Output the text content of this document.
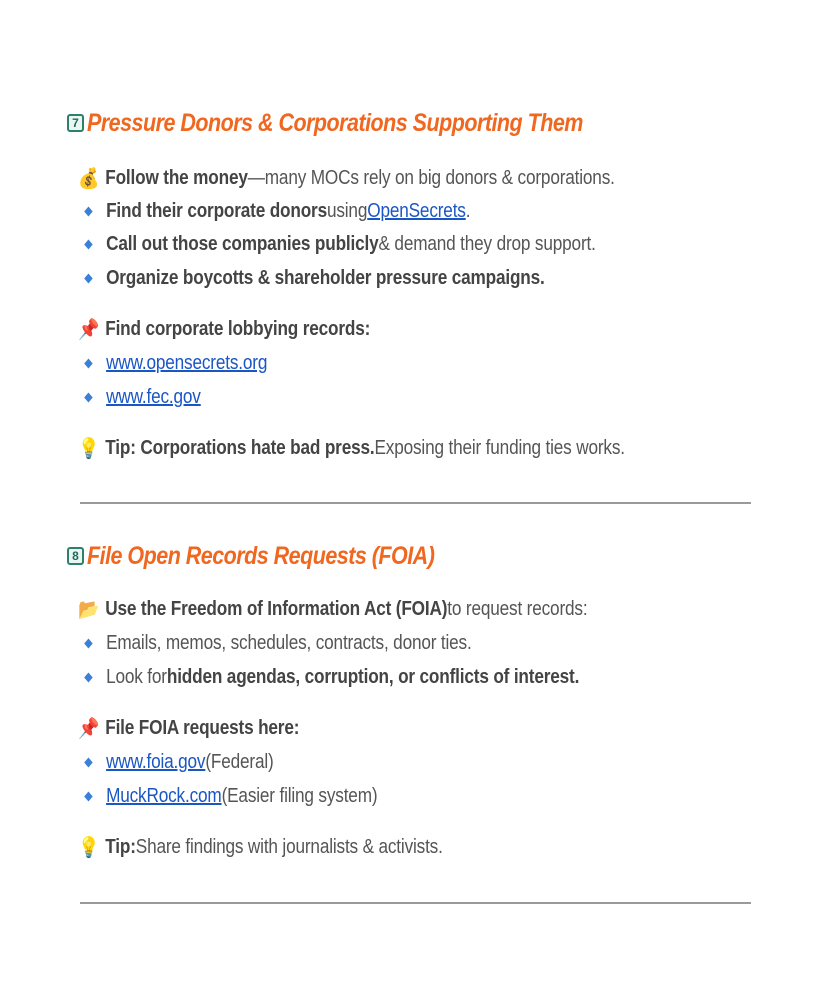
7 Pressure Donors & Corporations Supporting Them
💰 Follow the money —many MOCs rely on big donors & corporations.
Find their corporate donors using OpenSecrets .
Call out those companies publicly & demand they drop support.
Organize boycotts & shareholder pressure campaigns.
📌 Find corporate lobbying records:
www.opensecrets.org
www.fec.gov
💡 Tip: Corporations hate bad press. Exposing their funding ties works.
8 File Open Records Requests (FOIA)
📂 Use the Freedom of Information Act (FOIA) to request records:
Emails, memos, schedules, contracts, donor ties.
Look for hidden agendas, corruption, or conflicts of interest.
📌 File FOIA requests here:
www.foia.gov (Federal)
MuckRock.com (Easier filing system)
💡 Tip: Share findings with journalists & activists.
